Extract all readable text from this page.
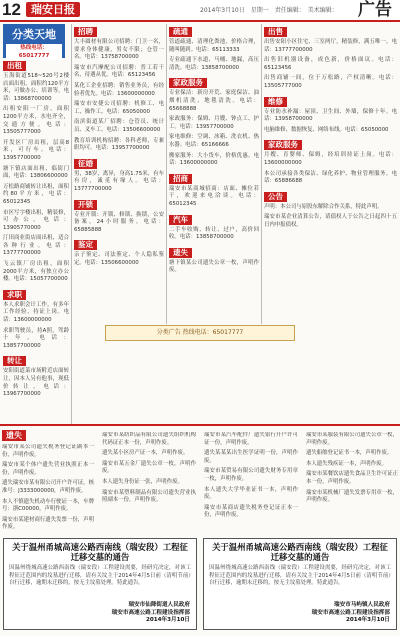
12 瑞安日报	2014年3月10日　星期一　责任编辑：　美术编辑： 广告
分类天地
热线电话：65017777
出租
玉海街道518~520号2楼店面出租，面积约120平方米，可做办公、培训等。电话：13868700000
出租安阳一厂房，面积1200平方米，水电齐全，交通方便。电话：13505777000
开发区厂房出租，层高8米，可行车。电话：13957700000
塘下镇店面出租，临街门面，电话：13806600000
万松路商铺转让出租，面积约80平方米，电话：65012345
市区写字楼出租，精装修，可办公。电话：13905770000
汀田商业街店面出租，适合各种行业。电话：13777700000
飞云镇厂房出租，面积2000平方米，有独立办公楼。电话：15057700000
求职
本人求职会计工作，有多年工作经验，持证上岗。电话：13600000000
求职驾驶员，持A照，驾龄十年。电话：13857700000
转让
安阳街道菜市场附近店面转让，因本人另有他事，现低价转让。电话：13967700000
招聘
大丰圆材有限公司招聘：门卫一名，要求身体健康，男女不限；仓管一名。电话：13758700000
瑞安市汽摩配公司招聘：普工若干名，待遇从优。电话：65123456
某化工企业招聘：销售业务员，有经验者优先。电话：13600000000
瑞安市安捷公司招聘：机修工、电工、操作工。电话：65050000
南滨街道某厂招聘：仓管员、统计员、叉车工。电话：13506600000
教育培训机构招聘：各科老师，专兼职均可。电话：13957700000
征婚
男，38岁，离异，身高1.75米，有车有房，诚觅有缘人。电话：13777700000
开锁
专业开锁：开锁、修锁、换锁，公安备案，24小时服务。电话：65885888
鉴定
亲子鉴定、司法鉴定、个人隐私鉴定。电话：13506600000
疏通
管道疏通、清理化粪池，价格合理，随叫随到。电话：65113333
专业疏通下水道、马桶、地漏，高压清洗。电话：13858700000
家政服务
专业保洁：新房开荒、家庭保洁、油烟机清洗、地毯清洗。电话：65668888
家政服务：保姆、月嫂、钟点工、护工。电话：13957700000
家电维修：空调、冰箱、洗衣机、热水器。电话：65166666
搬家服务：大小货车，价格优惠。电话：13600000000
招商
瑞安市某商城招商：店面、摊位若干，欢迎来电洽谈。电话：65012345
汽车
二手车收购、转让、过户，高价回收。电话：13858700000
遗失
塘下镇某公司遗失公章一枚，声明作废。
出售
出售安阳小区住宅，三室两厅，精装修，满五唯一。电话：13777700000
出售旧机器设备，成色新，价格面议。电话：65123456
出售商铺一间，位于万松路，产权清晰。电话：13505777000
维修
专业防水补漏：屋顶、卫生间、外墙，保修十年。电话：13958700000
电脑维修、数据恢复、网络布线。电话：65050000
家政服务
月嫂、育婴师、保姆，经培训持证上岗。电话：13600000000
本公司承接各类保洁、绿化养护、物业管理服务。电话：65886688
公告
声明：本公司与原股东解除合作关系，特此声明。
瑞安市某企业清算公告，请债权人于公告之日起四十五日内申报债权。
分类广告 热线电话：65017777
遗失
瑞安市某公司遗失税务登记证副本一份，声明作废。
瑞安市某个体户遗失营业执照正本一份，声明作废。
遗失瑞安市某有限公司开户许可证，核准号：J3333000000，声明作废。
本人不慎遗失机动车行驶证一本，车牌号：浙C00000，声明作废。
瑞安市某建材商行遗失发票一份，声明作废。
瑞安市某纺织品有限公司遗失组织机构代码证正本一份，声明作废。
遗失某小区房产证一本，声明作废。
瑞安市某五金厂遗失公章一枚，声明作废。
本人遗失身份证一张，声明作废。
瑞安市某塑料制品有限公司遗失营业执照副本一份，声明作废。
瑞安市某汽车配件厂遗失银行开户许可证一份，声明作废。
遗失某某某出生医学证明一份，声明作废。
瑞安市某贸易有限公司遗失财务专用章一枚，声明作废。
本人遗失大学毕业证书一本，声明作废。
瑞安市某商店遗失税务登记证正本一份，声明作废。
瑞安市某服装有限公司遗失公章一枚，声明作废。
遗失船舶登记证书一本，声明作废。
本人遗失残疾证一本，声明作废。
瑞安市某餐饮店遗失食品卫生许可证正本一份，声明作废。
瑞安市某机械厂遗失发票专用章一枚，声明作废。
关于温州甬城高速公路西南线（瑞安段）工程征迁移交墓的通告

因温州绕城高速公路西南线（瑞安段）工程建设需要，经研究决定，对该工程征迁范围内的坟墓进行迁移，请有关坟主于2014年4月5日前（清明节前）自行迁移，逾期未迁移的，按无主坟墓处理。特此通告。

瑞安市仙降街道人民政府
瑞安市高速公路工程建设指挥部
2014年3月10日
关于温州甬城高速公路西南线（瑞安段）工程征迁移交墓的通告

因温州绕城高速公路西南线（瑞安段）工程建设需要，经研究决定，对该工程征迁范围内的坟墓进行迁移，请有关坟主于2014年4月5日前（清明节前）自行迁移，逾期未迁移的，按无主坟墓处理。特此通告。

瑞安市马屿镇人民政府
瑞安市高速公路工程建设指挥部
2014年3月10日
